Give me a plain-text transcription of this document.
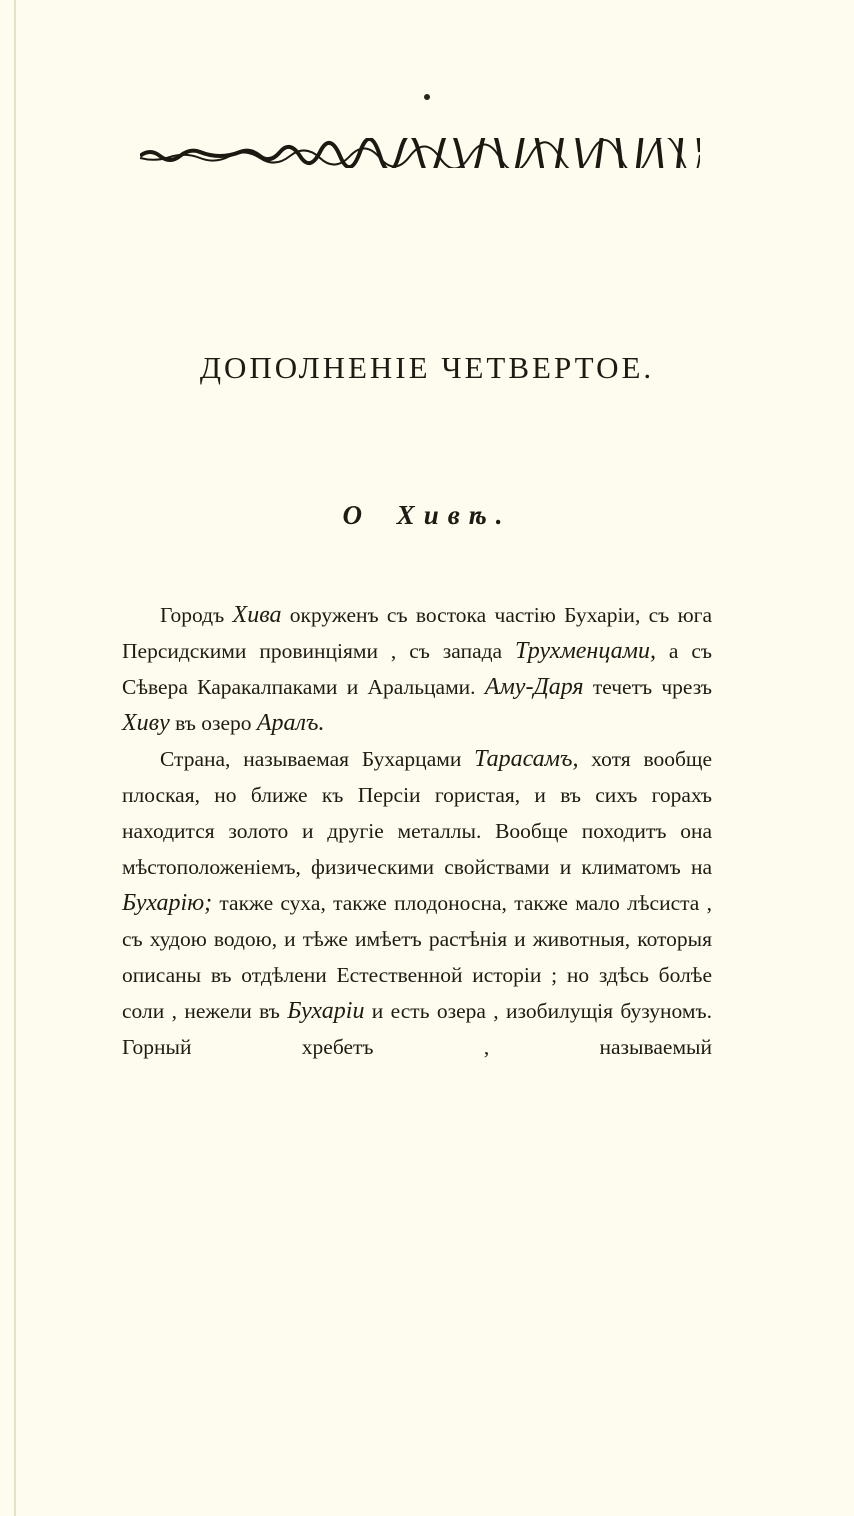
ДОПОЛНЕНІЕ ЧЕТВЕРТОЕ.
О Хивѣ.

Городъ Хива окруженъ съ востока частію Бухаріи, съ юга Персидскими провинціями , съ запада Трухменцами, а съ Сѣвера Каракалпаками и Аральцами. Аму-Даря течетъ чрезъ Хиву въ озеро Аралъ.

Страна, называемая Бухарцами Тарасамъ, хотя вообще плоская, но ближе къ Персіи гористая, и въ сихъ горахъ находится золото и другіе металлы. Вообще походитъ она мѣстоположеніемъ, физическими свойствами и климатомъ на Бухарію; также суха, также плодоносна, также мало лѣсиста , съ худою водою, и тѣже имѣетъ растѣнія и животныя, которыя описаны въ отдѣлени Естественной исторіи ; но здѣсь болѣе соли , нежели въ Бухаріи и есть озера , изобилущія бузуномъ. Горный хребетъ , называемый
